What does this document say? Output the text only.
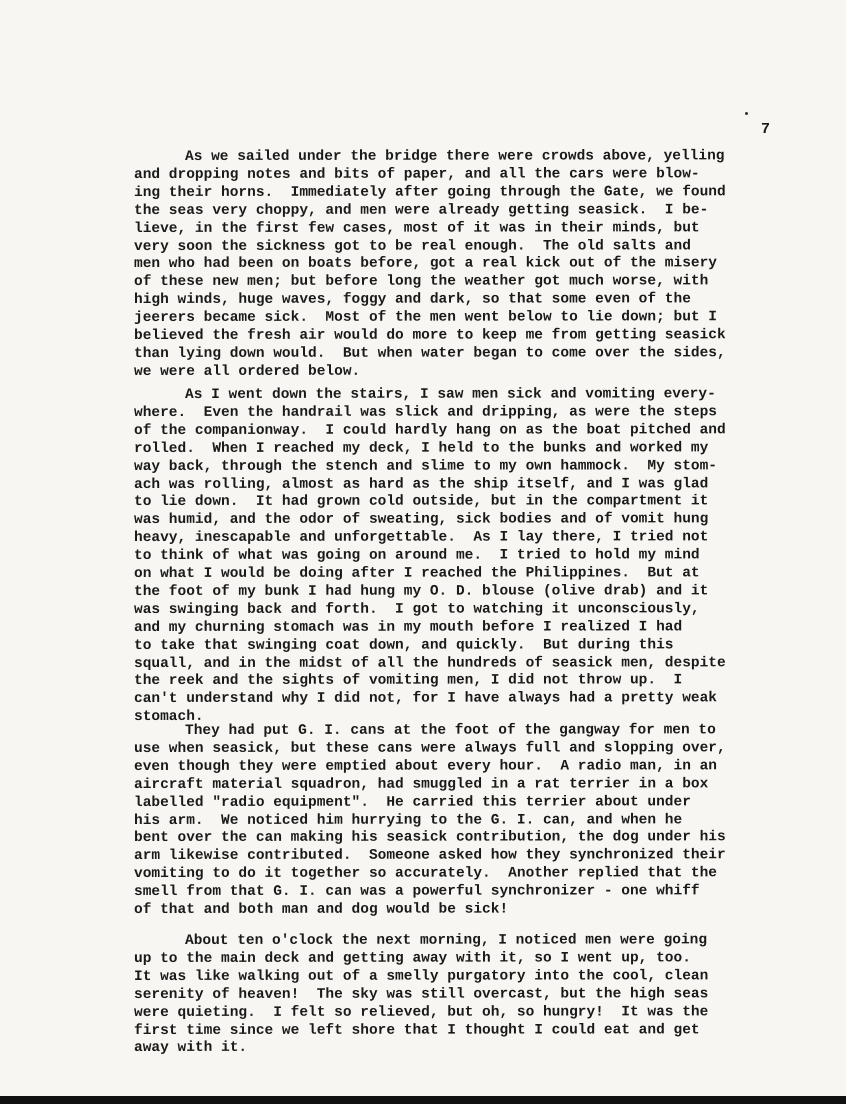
7
As we sailed under the bridge there were crowds above, yelling
and dropping notes and bits of paper, and all the cars were blow-
ing their horns.  Immediately after going through the Gate, we found
the seas very choppy, and men were already getting seasick.  I be-
lieve, in the first few cases, most of it was in their minds, but
very soon the sickness got to be real enough.  The old salts and
men who had been on boats before, got a real kick out of the misery
of these new men; but before long the weather got much worse, with
high winds, huge waves, foggy and dark, so that some even of the
jeerers became sick.  Most of the men went below to lie down; but I
believed the fresh air would do more to keep me from getting seasick
than lying down would.  But when water began to come over the sides,
we were all ordered below.
As I went down the stairs, I saw men sick and vomiting every-
where.  Even the handrail was slick and dripping, as were the steps
of the companionway.  I could hardly hang on as the boat pitched and
rolled.  When I reached my deck, I held to the bunks and worked my
way back, through the stench and slime to my own hammock.  My stom-
ach was rolling, almost as hard as the ship itself, and I was glad
to lie down.  It had grown cold outside, but in the compartment it
was humid, and the odor of sweating, sick bodies and of vomit hung
heavy, inescapable and unforgettable.  As I lay there, I tried not
to think of what was going on around me.  I tried to hold my mind
on what I would be doing after I reached the Philippines.  But at
the foot of my bunk I had hung my O. D. blouse (olive drab) and it
was swinging back and forth.  I got to watching it unconsciously,
and my churning stomach was in my mouth before I realized I had
to take that swinging coat down, and quickly.  But during this
squall, and in the midst of all the hundreds of seasick men, despite
the reek and the sights of vomiting men, I did not throw up.  I
can't understand why I did not, for I have always had a pretty weak
stomach.
They had put G. I. cans at the foot of the gangway for men to
use when seasick, but these cans were always full and slopping over,
even though they were emptied about every hour.  A radio man, in an
aircraft material squadron, had smuggled in a rat terrier in a box
labelled "radio equipment".  He carried this terrier about under
his arm.  We noticed him hurrying to the G. I. can, and when he
bent over the can making his seasick contribution, the dog under his
arm likewise contributed.  Someone asked how they synchronized their
vomiting to do it together so accurately.  Another replied that the
smell from that G. I. can was a powerful synchronizer - one whiff
of that and both man and dog would be sick!
About ten o'clock the next morning, I noticed men were going
up to the main deck and getting away with it, so I went up, too.
It was like walking out of a smelly purgatory into the cool, clean
serenity of heaven!  The sky was still overcast, but the high seas
were quieting.  I felt so relieved, but oh, so hungry!  It was the
first time since we left shore that I thought I could eat and get
away with it.
